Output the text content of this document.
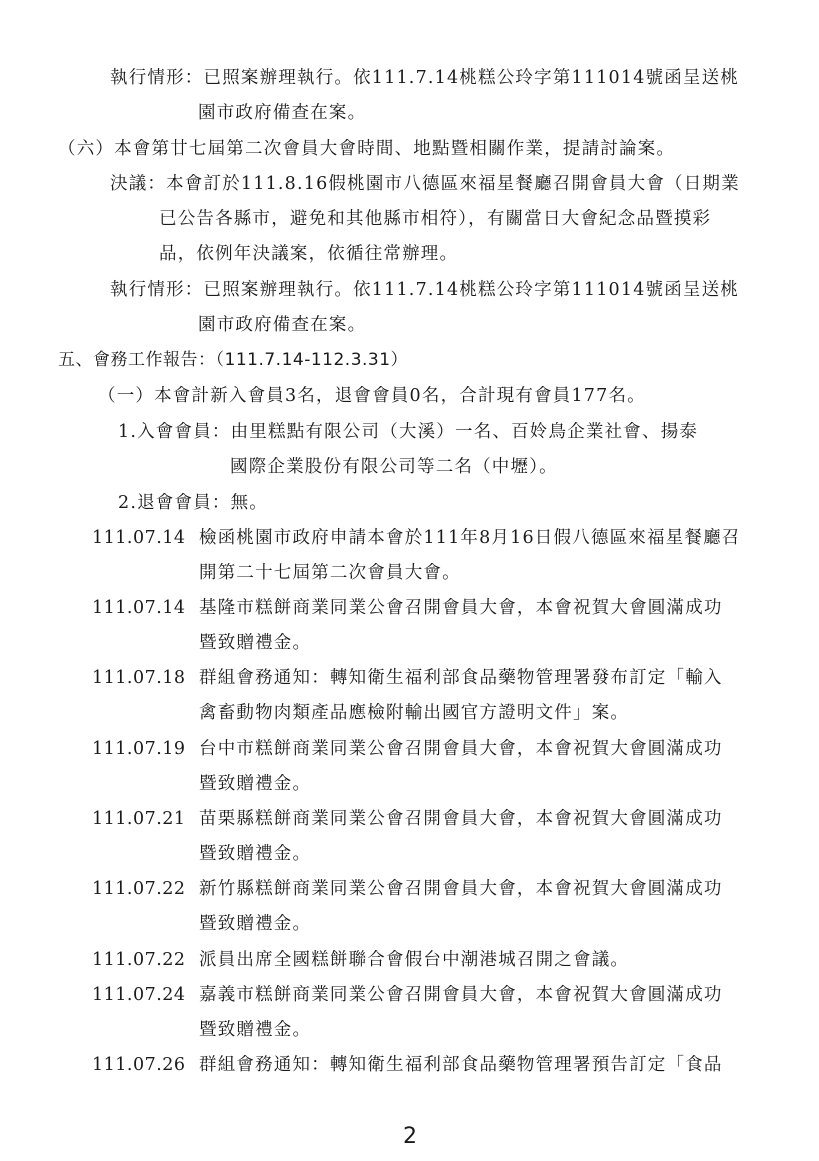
執行情形：已照案辦理執行。依111.7.14桃糕公玲字第111014號函呈送桃
園市政府備查在案。
（六）本會第廿七屆第二次會員大會時間、地點暨相關作業，提請討論案。
決議：本會訂於111.8.16假桃園市八德區來福星餐廳召開會員大會（日期業
已公告各縣市，避免和其他縣市相符），有關當日大會紀念品暨摸彩
品，依例年決議案，依循往常辦理。
執行情形：已照案辦理執行。依111.7.14桃糕公玲字第111014號函呈送桃
園市政府備查在案。
五、會務工作報告：（111.7.14-112.3.31）
（一）本會計新入會員3名，退會會員0名，合計現有會員177名。
1.入會會員：由里糕點有限公司（大溪）一名、百姈鳥企業社會、揚泰
國際企業股份有限公司等二名（中壢）。
2.退會會員：無。
111.07.14 檢函桃園市政府申請本會於111年8月16日假八德區來福星餐廳召
開第二十七屆第二次會員大會。
111.07.14 基隆市糕餅商業同業公會召開會員大會，本會祝賀大會圓滿成功
暨致贈禮金。
111.07.18 群組會務通知：轉知衛生福利部食品藥物管理署發布訂定「輸入
禽畜動物肉類產品應檢附輸出國官方證明文件」案。
111.07.19 台中市糕餅商業同業公會召開會員大會，本會祝賀大會圓滿成功
暨致贈禮金。
111.07.21 苗栗縣糕餅商業同業公會召開會員大會，本會祝賀大會圓滿成功
暨致贈禮金。
111.07.22 新竹縣糕餅商業同業公會召開會員大會，本會祝賀大會圓滿成功
暨致贈禮金。
111.07.22 派員出席全國糕餅聯合會假台中潮港城召開之會議。
111.07.24 嘉義市糕餅商業同業公會召開會員大會，本會祝賀大會圓滿成功
暨致贈禮金。
111.07.26 群組會務通知：轉知衛生福利部食品藥物管理署預告訂定「食品
2
